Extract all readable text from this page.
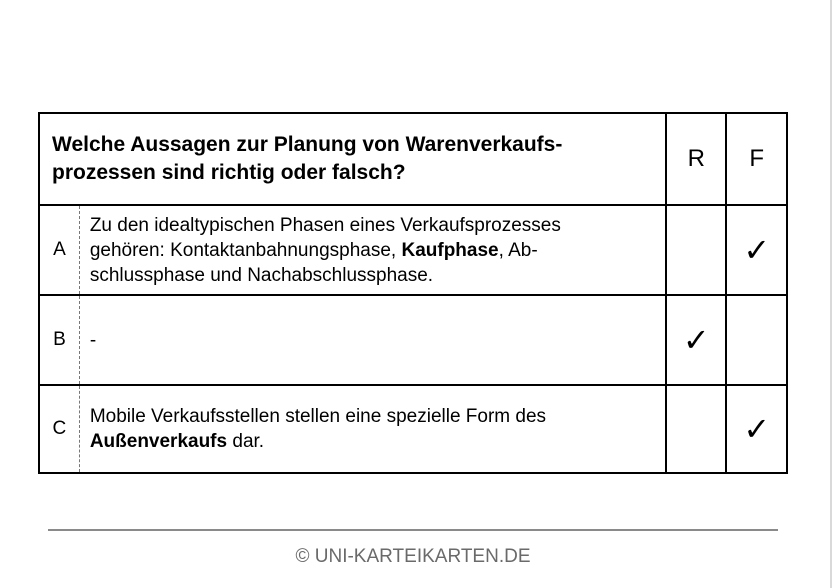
Welche Aussagen zur Planung von Warenverkaufs-
prozessen sind richtig oder falsch?		R	F
A	Zu den idealtypischen Phasen eines Verkaufsprozesses
gehören: Kontaktanbahnungsphase, Kaufphase, Ab-
schlussphase und Nachabschlussphase.		✓
B	-	✓	
C	Mobile Verkaufsstellen stellen eine spezielle Form des
Außenverkaufs dar.		✓
© UNI-KARTEIKARTEN.DE
